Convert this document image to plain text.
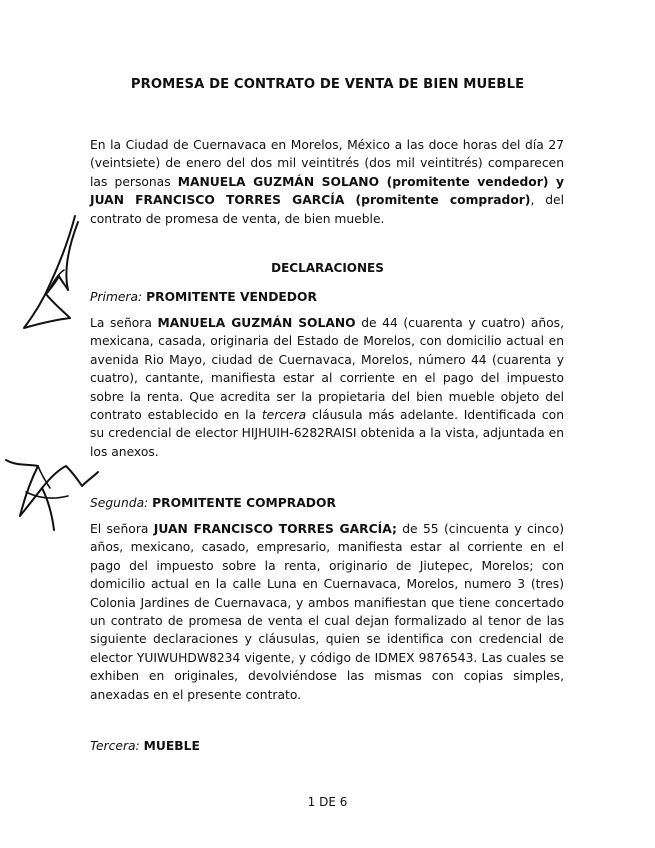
PROMESA DE CONTRATO DE VENTA DE BIEN MUEBLE
En la Ciudad de Cuernavaca en Morelos, México a las doce horas del día 27 (veintsiete) de enero del dos mil veintitrés (dos mil veintitrés) comparecen las personas MANUELA GUZMÁN SOLANO (promitente vendedor) y JUAN FRANCISCO TORRES GARCÍA (promitente comprador), del contrato de promesa de venta, de bien mueble.
DECLARACIONES
Primera: PROMITENTE VENDEDOR
La señora MANUELA GUZMÁN SOLANO de 44 (cuarenta y cuatro) años, mexicana, casada, originaria del Estado de Morelos, con domicilio actual en avenida Rio Mayo, ciudad de Cuernavaca, Morelos, número 44 (cuarenta y cuatro), cantante, manifiesta estar al corriente en el pago del impuesto sobre la renta. Que acredita ser la propietaria del bien mueble objeto del contrato establecido en la tercera cláusula más adelante. Identificada con su credencial de elector HIJHUIH-6282RAISI obtenida a la vista, adjuntada en los anexos.
Segunda: PROMITENTE COMPRADOR
El señora JUAN FRANCISCO TORRES GARCÍA; de 55 (cincuenta y cinco) años, mexicano, casado, empresario, manifiesta estar al corriente en el pago del impuesto sobre la renta, originario de Jiutepec, Morelos; con domicilio actual en la calle Luna en Cuernavaca, Morelos, numero 3 (tres) Colonia Jardines de Cuernavaca, y ambos manifiestan que tiene concertado un contrato de promesa de venta el cual dejan formalizado al tenor de las siguiente declaraciones y cláusulas, quien se identifica con credencial de elector YUIWUHDW8234 vigente, y código de IDMEX 9876543. Las cuales se exhiben en originales, devolviéndose las mismas con copias simples, anexadas en el presente contrato.
Tercera: MUEBLE
1 DE 6
